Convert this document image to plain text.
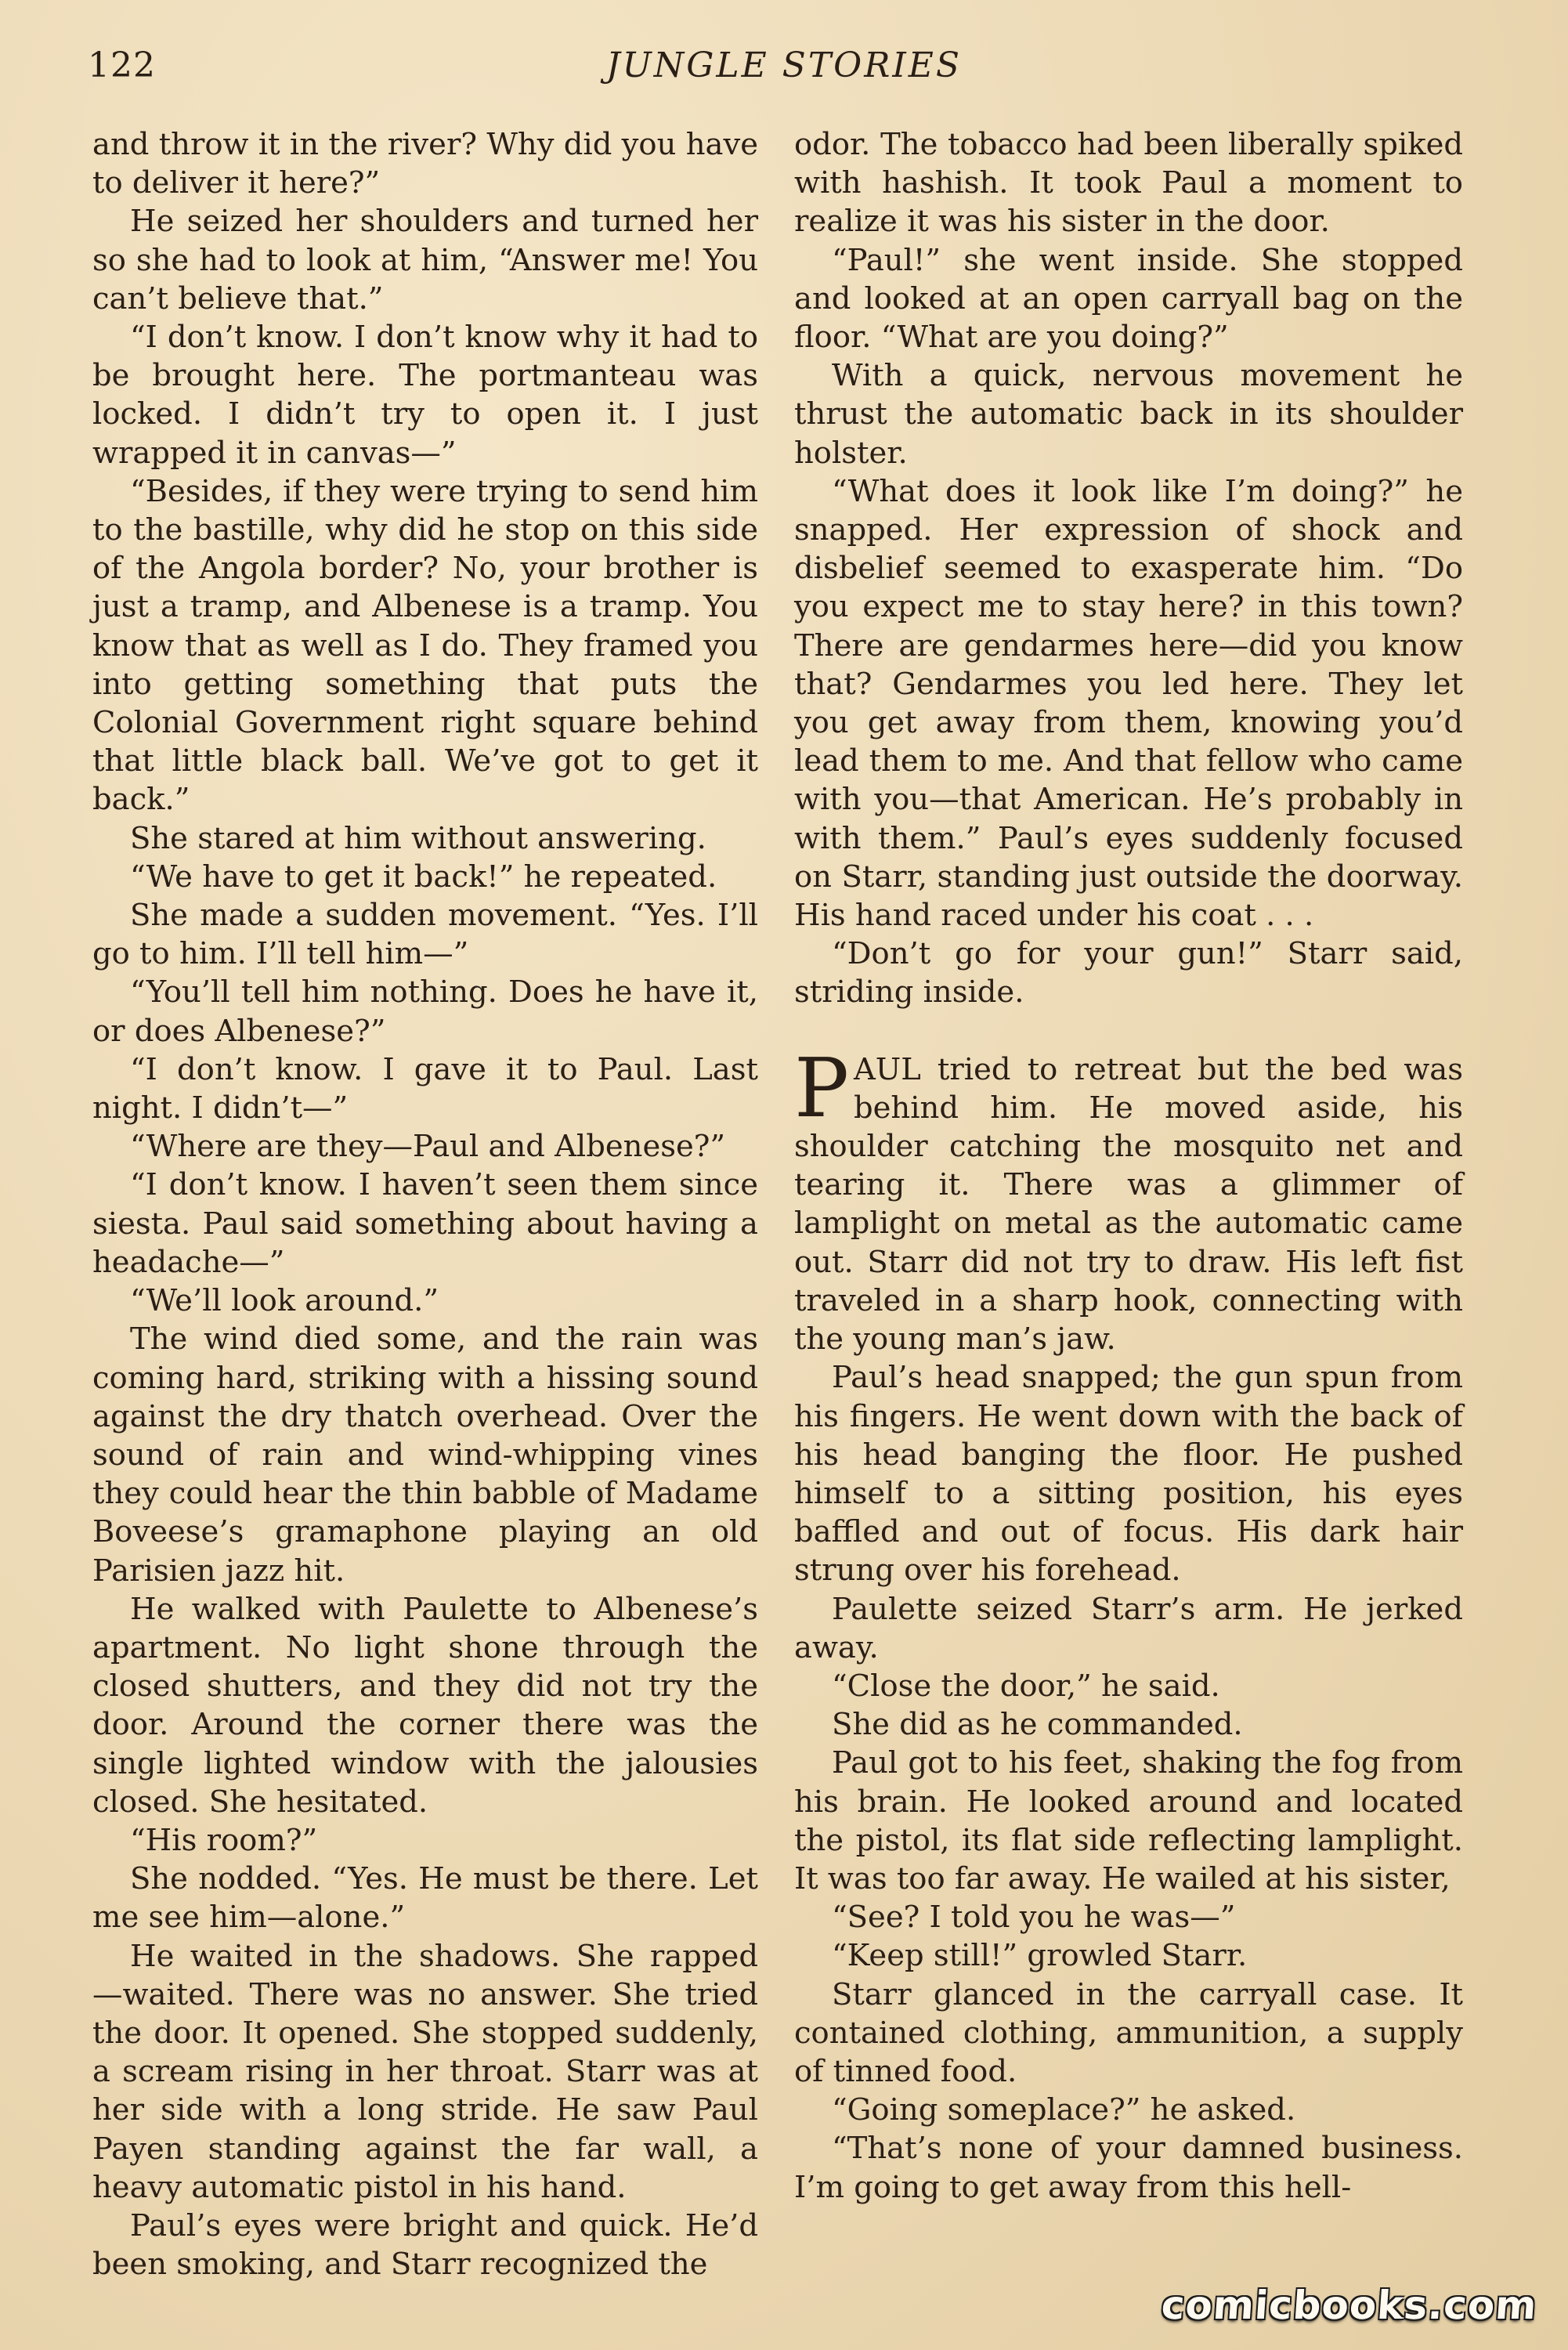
122	JUNGLE STORIES

and throw it in the river? Why did you have to deliver it here?”

He seized her shoulders and turned her so she had to look at him, “Answer me! You can’t believe that.”

“I don’t know. I don’t know why it had to be brought here. The portmanteau was locked. I didn’t try to open it. I just wrapped it in canvas—”

“Besides, if they were trying to send him to the bastille, why did he stop on this side of the Angola border? No, your brother is just a tramp, and Albenese is a tramp. You know that as well as I do. They framed you into getting something that puts the Colonial Government right square behind that little black ball. We’ve got to get it back.”

She stared at him without answering.

“We have to get it back!” he repeated.

She made a sudden movement. “Yes. I’ll go to him. I’ll tell him—”

“You’ll tell him nothing. Does he have it, or does Albenese?”

“I don’t know. I gave it to Paul. Last night. I didn’t—”

“Where are they—Paul and Albenese?”

“I don’t know. I haven’t seen them since siesta. Paul said something about having a headache—”

“We’ll look around.”

The wind died some, and the rain was coming hard, striking with a hissing sound against the dry thatch overhead. Over the sound of rain and wind-whipping vines they could hear the thin babble of Madame Boveese’s gramaphone playing an old Parisien jazz hit.

He walked with Paulette to Albenese’s apartment. No light shone through the closed shutters, and they did not try the door. Around the corner there was the single lighted window with the jalousies closed. She hesitated.

“His room?”

She nodded. “Yes. He must be there. Let me see him—alone.”

He waited in the shadows. She rapped —waited. There was no answer. She tried the door. It opened. She stopped suddenly, a scream rising in her throat. Starr was at her side with a long stride. He saw Paul Payen standing against the far wall, a heavy automatic pistol in his hand.

Paul’s eyes were bright and quick. He’d been smoking, and Starr recognized the

odor. The tobacco had been liberally spiked with hashish. It took Paul a moment to realize it was his sister in the door.

“Paul!” she went inside. She stopped and looked at an open carryall bag on the floor. “What are you doing?”

With a quick, nervous movement he thrust the automatic back in its shoulder holster.

“What does it look like I’m doing?” he snapped. Her expression of shock and disbelief seemed to exasperate him. “Do you expect me to stay here? in this town? There are gendarmes here—did you know that? Gendarmes you led here. They let you get away from them, knowing you’d lead them to me. And that fellow who came with you—that American. He’s probably in with them.” Paul’s eyes suddenly focused on Starr, standing just outside the doorway. His hand raced under his coat . . .

“Don’t go for your gun!” Starr said, striding inside.

PAUL tried to retreat but the bed was behind him. He moved aside, his shoulder catching the mosquito net and tearing it. There was a glimmer of lamplight on metal as the automatic came out. Starr did not try to draw. His left fist traveled in a sharp hook, connecting with the young man’s jaw.

Paul’s head snapped; the gun spun from his fingers. He went down with the back of his head banging the floor. He pushed himself to a sitting position, his eyes baffled and out of focus. His dark hair strung over his forehead.

Paulette seized Starr’s arm. He jerked away.

“Close the door,” he said.

She did as he commanded.

Paul got to his feet, shaking the fog from his brain. He looked around and located the pistol, its flat side reflecting lamplight. It was too far away. He wailed at his sister,

“See? I told you he was—”

“Keep still!” growled Starr.

Starr glanced in the carryall case. It contained clothing, ammunition, a supply of tinned food.

“Going someplace?” he asked.

“That’s none of your damned business. I’m going to get away from this hell-

comicbooks.com
